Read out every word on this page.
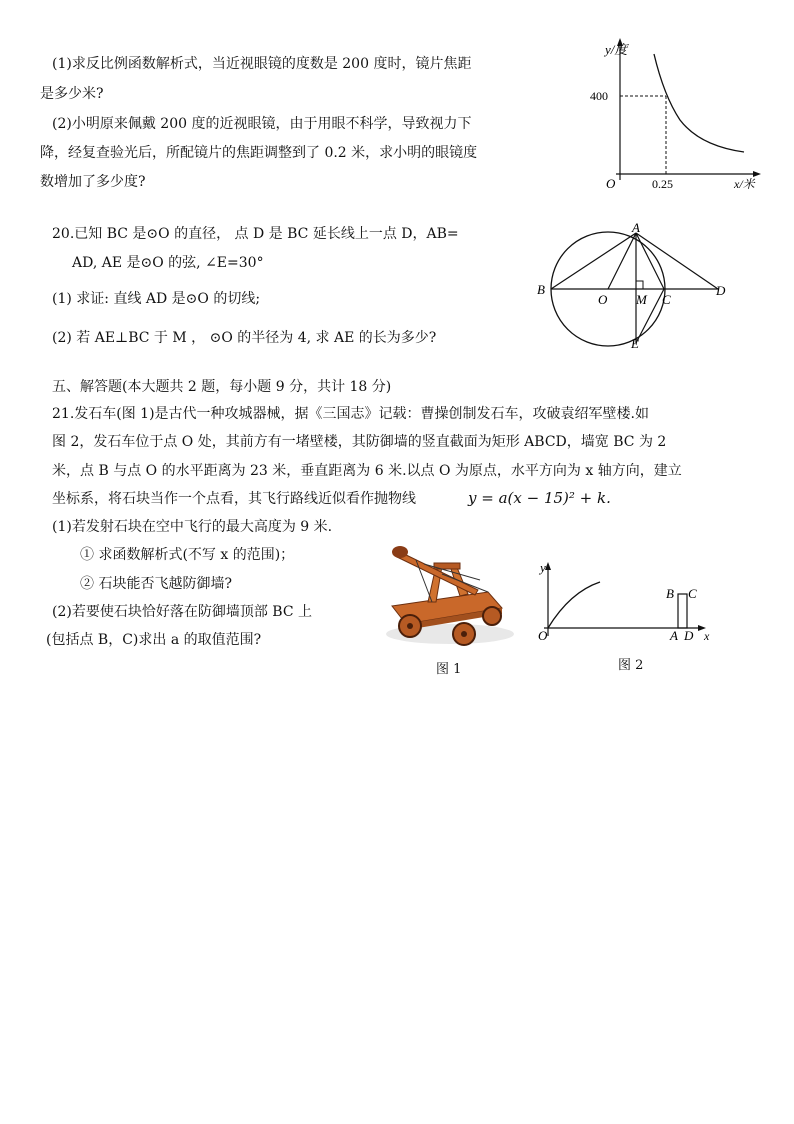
(1)求反比例函数解析式，当近视眼镜的度数是 200 度时，镜片焦距
是多少米?
(2)小明原来佩戴 200 度的近视眼镜，由于用眼不科学，导致视力下
降，经复查验光后，所配镜片的焦距调整到了 0.2 米，求小明的眼镜度
数增加了多少度?
y/度
400
0.25
O	x/米
20.已知 BC 是⊙O 的直径， 点 D 是 BC 延长线上一点 D，AB=
AD, AE 是⊙O 的弦, ∠E=30°
(1) 求证: 直线 AD 是⊙O 的切线;
(2) 若 AE⊥BC 于 M ， ⊙O 的半径为 4, 求 AE 的长为多少?
A
B
O M C
D
E
五、解答题(本大题共 2 题，每小题 9 分，共计 18 分)
21.发石车(图 1)是古代一种攻城器械，据《三国志》记载：曹操创制发石车，攻破袁绍军壁楼.如
图 2，发石车位于点 O 处，其前方有一堵壁楼，其防御墙的竖直截面为矩形 ABCD，墙宽 BC 为 2
米，点 B 与点 O 的水平距离为 23 米，垂直距离为 6 米.以点 O 为原点，水平方向为 x 轴方向，建立
坐标系，将石块当作一个点看，其飞行路线近似看作抛物线	y = a(x − 15)² + k.
(1)若发射石块在空中飞行的最大高度为 9 米.
① 求函数解析式(不写 x 的范围)；
② 石块能否飞越防御墙?
(2)若要使石块恰好落在防御墙顶部 BC 上
(包括点 B，C)求出 a 的取值范围?
图 1
y
O	A D x
B C
图 2
